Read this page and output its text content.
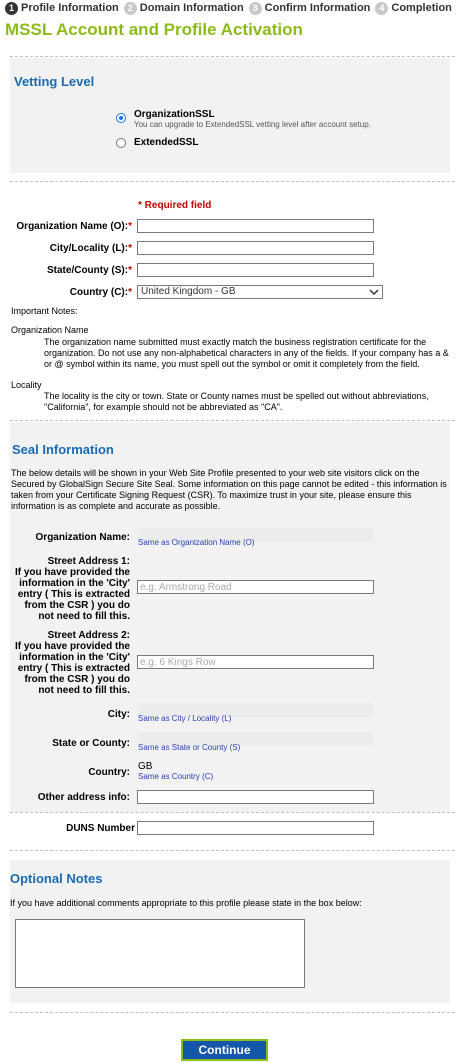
1 Profile Information 2 Domain Information 3 Confirm Information 4 Completion
MSSL Account and Profile Activation
Vetting Level
OrganizationSSL
You can upgrade to ExtendedSSL vetting level after account setup.
ExtendedSSL
* Required field
Organization Name (O):*
City/Locality (L):*
State/County (S):*
Country (C):* United Kingdom - GB
Important Notes:
Organization Name
The organization name submitted must exactly match the business registration certificate for the organization. Do not use any non-alphabetical characters in any of the fields. If your company has a & or @ symbol within its name, you must spell out the symbol or omit it completely from the field.
Locality
The locality is the city or town. State or County names must be spelled out without abbreviations, "California", for example should not be abbreviated as "CA".
Seal Information
The below details will be shown in your Web Site Profile presented to your web site visitors click on the Secured by GlobalSign Secure Site Seal. Some information on this page cannot be edited - this information is taken from your Certificate Signing Request (CSR). To maximize trust in your site, please ensure this information is as complete and accurate as possible.
Organization Name: Same as Organization Name (O)
Street Address 1:
If you have provided the information in the 'City' entry ( This is extracted from the CSR ) you do not need to fill this.
e.g. Armstrong Road
Street Address 2:
If you have provided the information in the 'City' entry ( This is extracted from the CSR ) you do not need to fill this.
e.g. 6 Kings Row
City: Same as City / Locality (L)
State or County: Same as State or County (S)
Country:
GB
Same as Country (C)
Other address info:
DUNS Number
Optional Notes
If you have additional comments appropriate to this profile please state in the box below:
Continue
